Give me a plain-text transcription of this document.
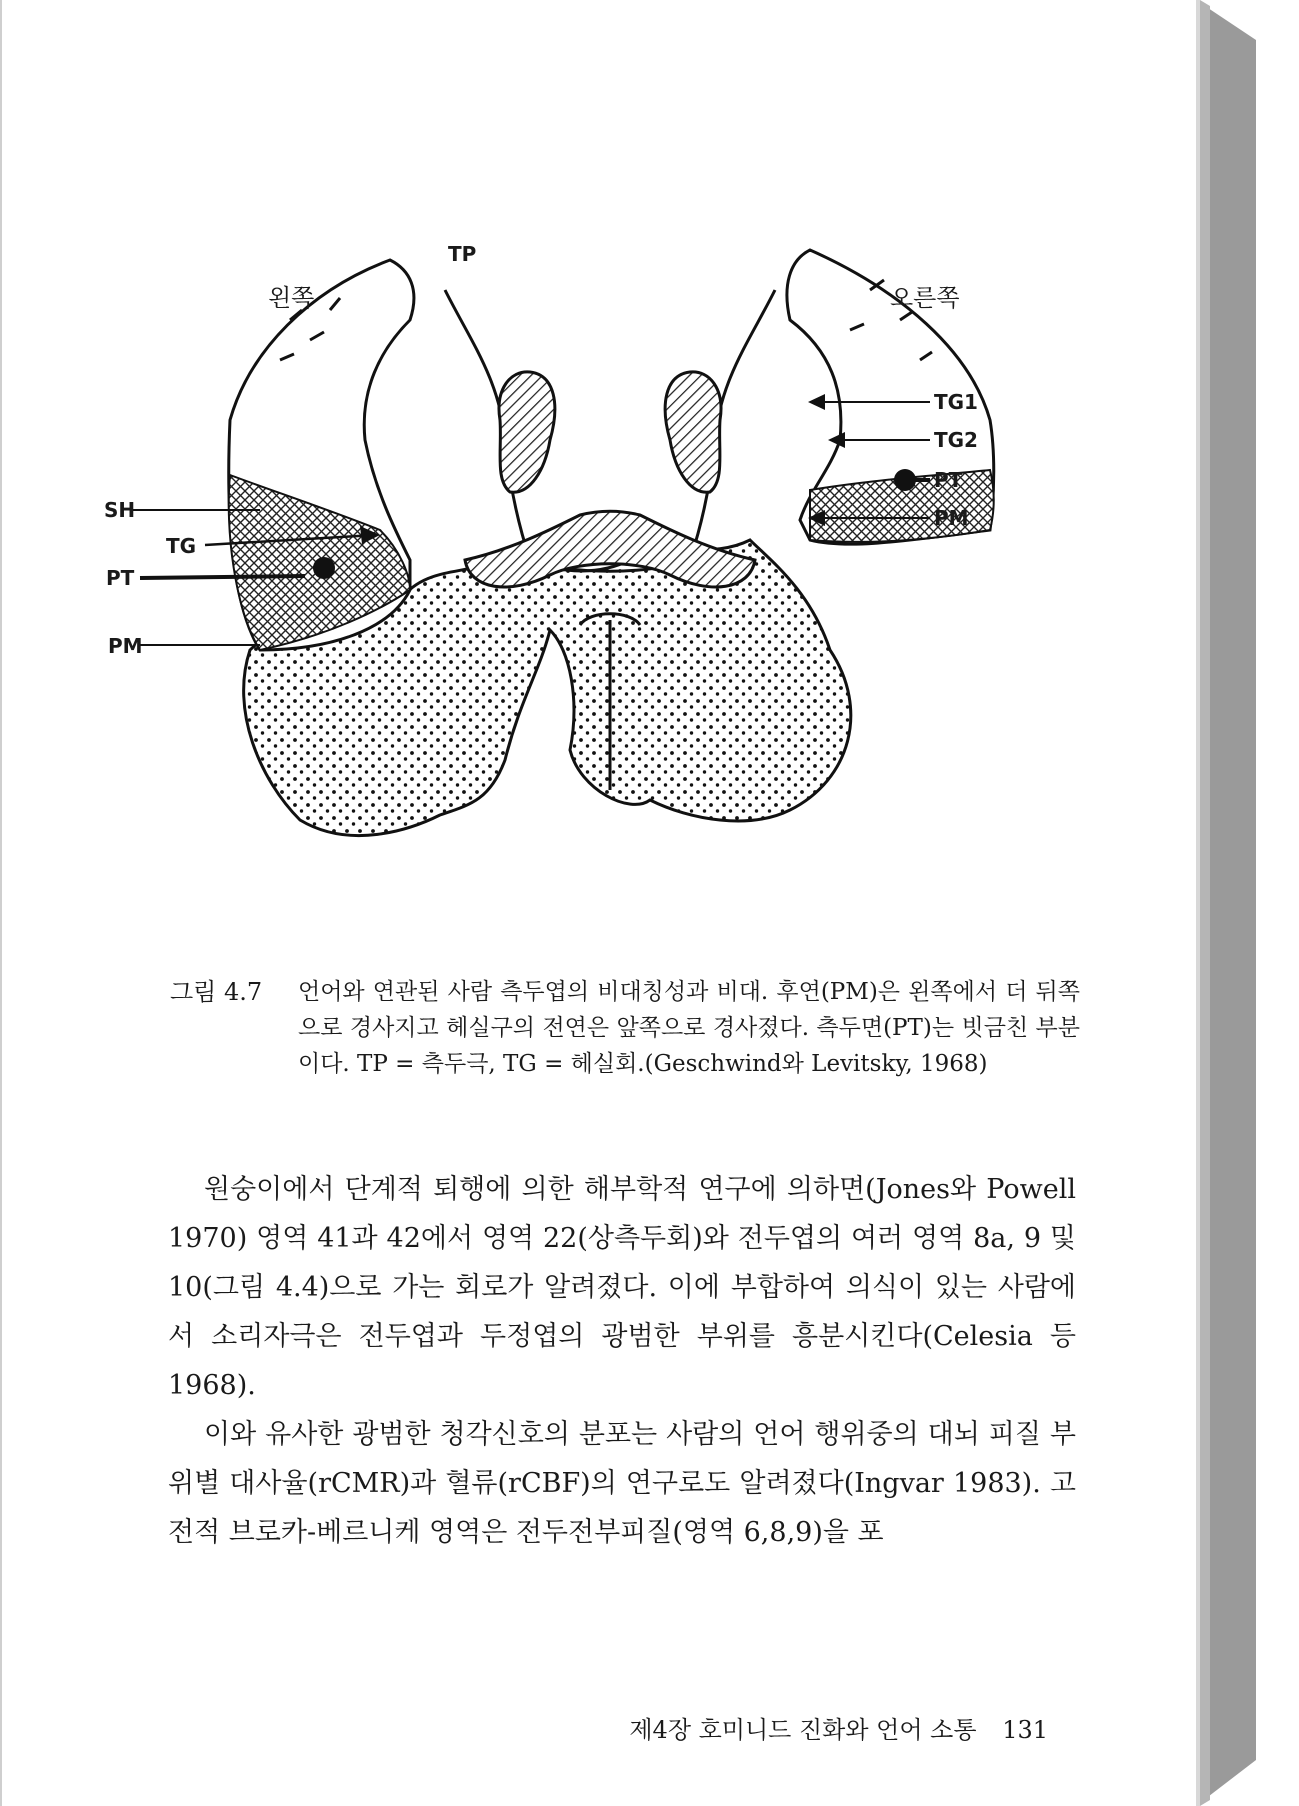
TP

왼쪽	오른쪽

SH

TG

PT

PM

TG1

TG2

PT

PM

그림 4.7	언어와 연관된 사람 측두엽의 비대칭성과 비대. 후연(PM)은 왼쪽에서 더 뒤쪽으로 경사지고 헤실구의 전연은 앞쪽으로 경사졌다. 측두면(PT)는 빗금친 부분이다. TP = 측두극, TG = 헤실회.(Geschwind와 Levitsky, 1968)

원숭이에서 단계적 퇴행에 의한 해부학적 연구에 의하면(Jones와 Powell 1970) 영역 41과 42에서 영역 22(상측두회)와 전두엽의 여러 영역 8a, 9 및 10(그림 4.4)으로 가는 회로가 알려졌다. 이에 부합하여 의식이 있는 사람에서 소리자극은 전두엽과 두정엽의 광범한 부위를 흥분시킨다(Celesia 등 1968).

이와 유사한 광범한 청각신호의 분포는 사람의 언어 행위중의 대뇌 피질 부위별 대사율(rCMR)과 혈류(rCBF)의 연구로도 알려졌다(Ingvar 1983). 고전적 브로카-베르니케 영역은 전두전부피질(영역 6,8,9)을 포

제4장 호미니드 진화와 언어 소통 131
